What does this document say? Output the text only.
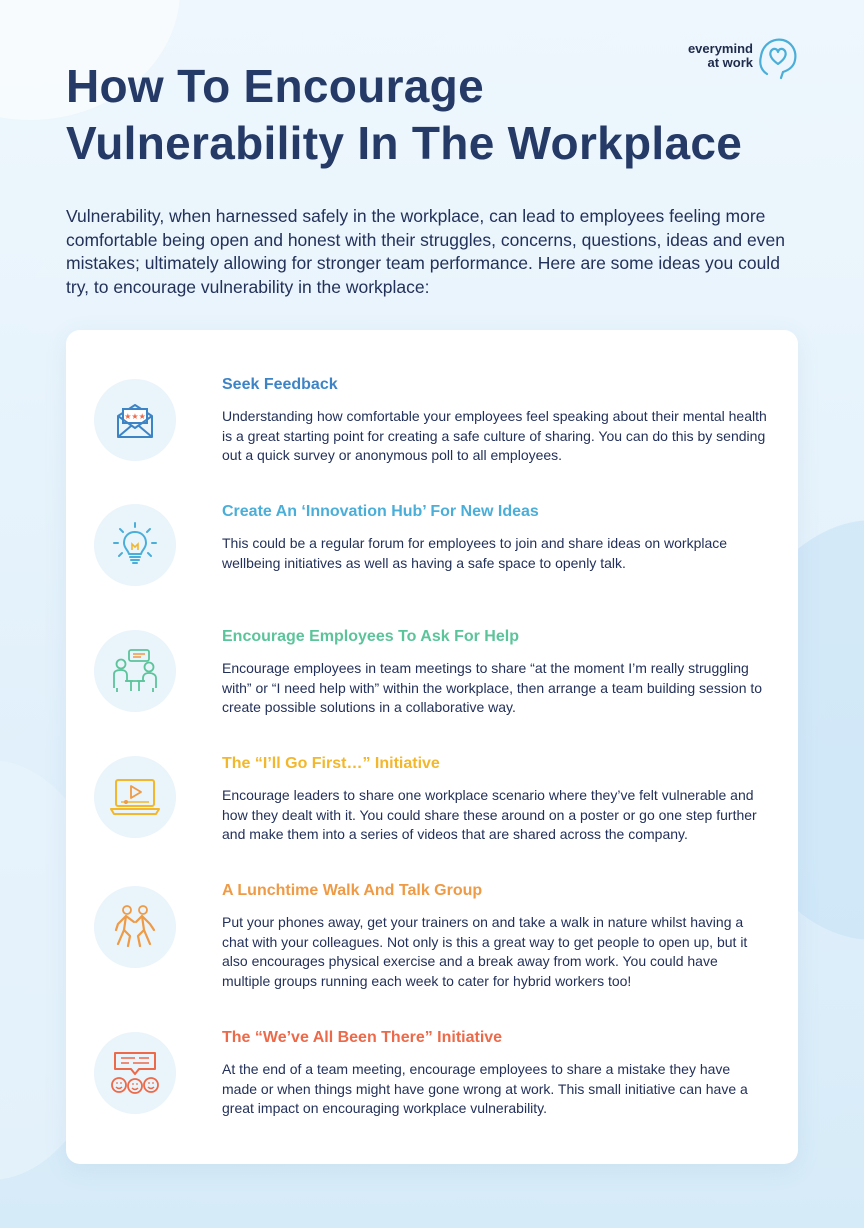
everymind
at work
How To Encourage
Vulnerability In The Workplace

Vulnerability, when harnessed safely in the workplace, can lead to employees feeling more comfortable being open and honest with their struggles, concerns, questions, ideas and even mistakes; ultimately allowing for stronger team performance. Here are some ideas you could try, to encourage vulnerability in the workplace:

★★★
Seek Feedback

Understanding how comfortable your employees feel speaking about their mental health is a great starting point for creating a safe culture of sharing. You can do this by sending out a quick survey or anonymous poll to all employees.

Create An ‘Innovation Hub’ For New Ideas

This could be a regular forum for employees to join and share ideas on workplace wellbeing initiatives as well as having a safe space to openly talk.

Encourage Employees To Ask For Help

Encourage employees in team meetings to share “at the moment I’m really struggling with” or “I need help with” within the workplace, then arrange a team building session to create possible solutions in a collaborative way.

The “I’ll Go First…” Initiative

Encourage leaders to share one workplace scenario where they’ve felt vulnerable and how they dealt with it. You could share these around on a poster or go one step further and make them into a series of videos that are shared across the company.

A Lunchtime Walk And Talk Group

Put your phones away, get your trainers on and take a walk in nature whilst having a chat with your colleagues. Not only is this a great way to get people to open up, but it also encourages physical exercise and a break away from work. You could have multiple groups running each week to cater for hybrid workers too!

The “We’ve All Been There” Initiative

At the end of a team meeting, encourage employees to share a mistake they have made or when things might have gone wrong at work. This small initiative can have a great impact on encouraging workplace vulnerability.
